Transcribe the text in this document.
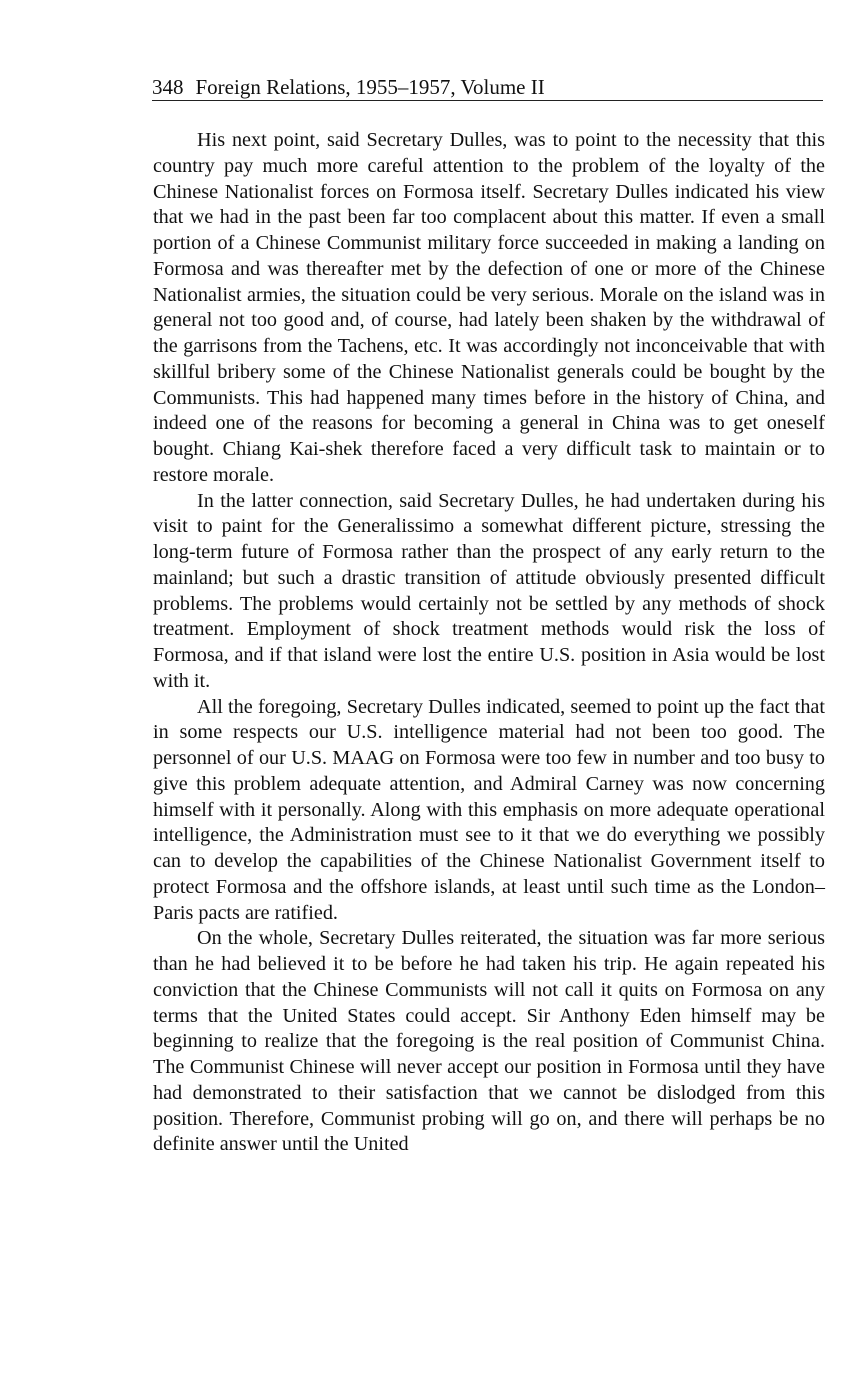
348 Foreign Relations, 1955–1957, Volume II

His next point, said Secretary Dulles, was to point to the necessity that this country pay much more careful attention to the problem of the loyalty of the Chinese Nationalist forces on Formosa itself. Secretary Dulles indicated his view that we had in the past been far too complacent about this matter. If even a small portion of a Chinese Communist military force succeeded in making a landing on Formosa and was thereafter met by the defection of one or more of the Chinese Nationalist armies, the situation could be very serious. Morale on the island was in general not too good and, of course, had lately been shaken by the withdrawal of the garrisons from the Tachens, etc. It was accordingly not inconceivable that with skillful bribery some of the Chinese Nationalist generals could be bought by the Communists. This had happened many times before in the history of China, and indeed one of the reasons for becoming a general in China was to get oneself bought. Chiang Kai-shek therefore faced a very difficult task to maintain or to restore morale.

In the latter connection, said Secretary Dulles, he had undertaken during his visit to paint for the Generalissimo a somewhat different picture, stressing the long-term future of Formosa rather than the prospect of any early return to the mainland; but such a drastic transition of attitude obviously presented difficult problems. The problems would certainly not be settled by any methods of shock treatment. Employment of shock treatment methods would risk the loss of Formosa, and if that island were lost the entire U.S. position in Asia would be lost with it.

All the foregoing, Secretary Dulles indicated, seemed to point up the fact that in some respects our U.S. intelligence material had not been too good. The personnel of our U.S. MAAG on Formosa were too few in number and too busy to give this problem adequate attention, and Admiral Carney was now concerning himself with it personally. Along with this emphasis on more adequate operational intelligence, the Administration must see to it that we do everything we possibly can to develop the capabilities of the Chinese Nationalist Government itself to protect Formosa and the offshore islands, at least until such time as the London–Paris pacts are ratified.

On the whole, Secretary Dulles reiterated, the situation was far more serious than he had believed it to be before he had taken his trip. He again repeated his conviction that the Chinese Communists will not call it quits on Formosa on any terms that the United States could accept. Sir Anthony Eden himself may be beginning to realize that the foregoing is the real position of Communist China. The Communist Chinese will never accept our position in Formosa until they have had demonstrated to their satisfaction that we cannot be dislodged from this position. Therefore, Communist probing will go on, and there will perhaps be no definite answer until the United
